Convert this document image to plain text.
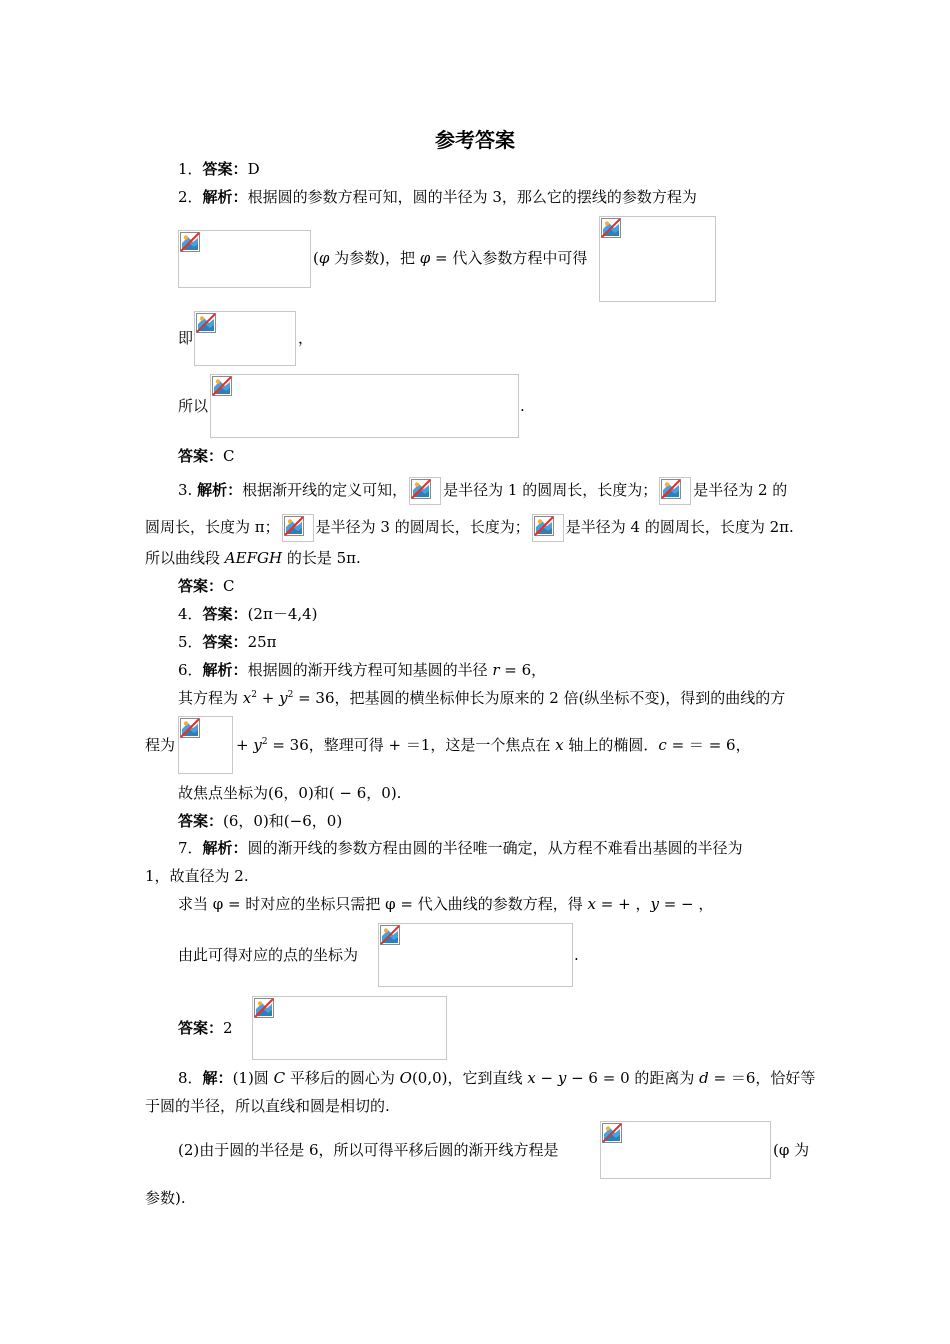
参考答案
1．答案：D
2．解析：根据圆的参数方程可知，圆的半径为 3，那么它的摆线的参数方程为
(φ 为参数)，把 φ = 代入参数方程中可得
即	，
所以	.
答案：C
3. 解析：根据渐开线的定义可知， 是半径为 1 的圆周长，长度为； 是半径为 2 的
圆周长，长度为 π； 是半径为 3 的圆周长，长度为； 是半径为 4 的圆周长，长度为 2π.
所以曲线段 AEFGH 的长是 5π.
答案：C
4．答案：(2π－4,4)
5．答案：25π
6．解析：根据圆的渐开线方程可知基圆的半径 r = 6，
其方程为 $x^2 + y^2 = 36$，把基圆的横坐标伸长为原来的 2 倍(纵坐标不变)，得到的曲线的方
程为	+ $y^2 = 36$，整理可得 + ＝1，这是一个焦点在 x 轴上的椭圆．c = ＝ = 6，
故焦点坐标为(6，0)和( − 6，0).
答案：(6，0)和(−6，0)
7．解析：圆的渐开线的参数方程由圆的半径唯一确定，从方程不难看出基圆的半径为
1，故直径为 2.
求当 φ = 时对应的坐标只需把 φ = 代入曲线的参数方程，得 x = + ，y = − ，
由此可得对应的点的坐标为	.
答案：2
8．解：(1)圆 C 平移后的圆心为 O(0,0)，它到直线 x − y − 6 = 0 的距离为 d = ＝6，恰好等
于圆的半径，所以直线和圆是相切的.
(2)由于圆的半径是 6，所以可得平移后圆的渐开线方程是	(φ 为
参数).
